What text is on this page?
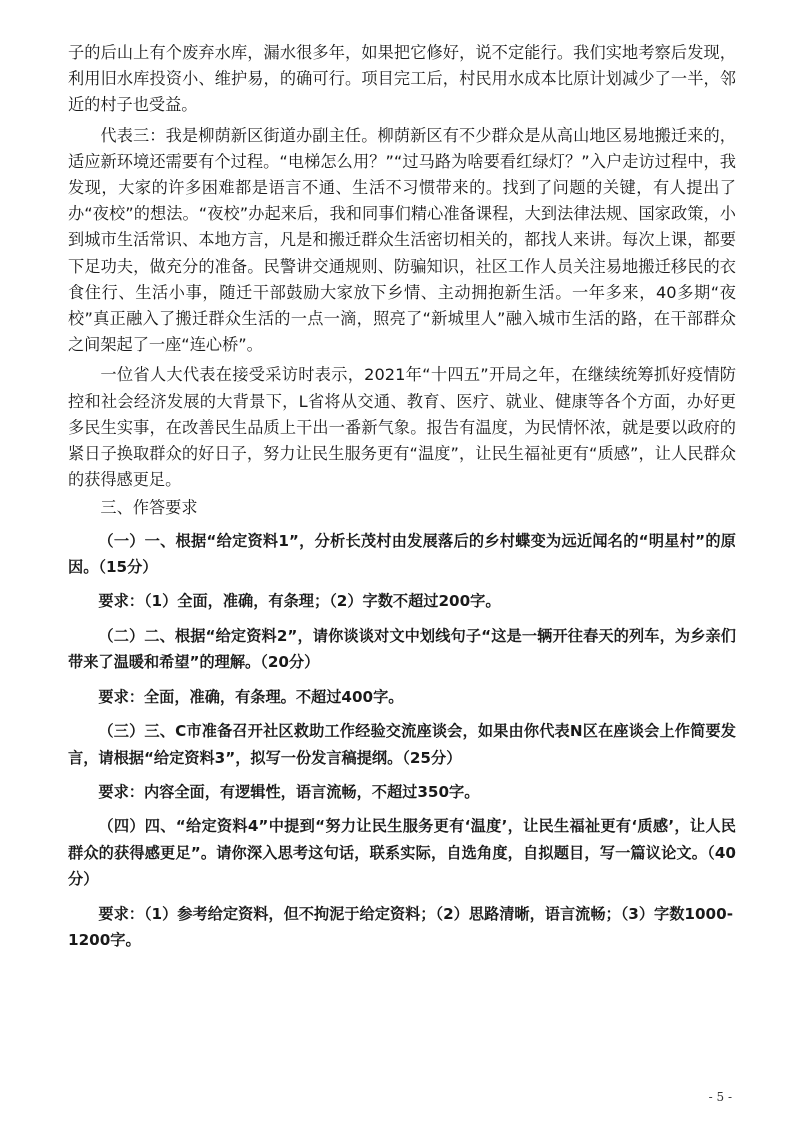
子的后山上有个废弃水库，漏水很多年，如果把它修好，说不定能行。我们实地考察后发现，利用旧水库投资小、维护易，的确可行。项目完工后，村民用水成本比原计划减少了一半，邻近的村子也受益。

代表三：我是柳荫新区街道办副主任。柳荫新区有不少群众是从高山地区易地搬迁来的，适应新环境还需要有个过程。“电梯怎么用？”“过马路为啥要看红绿灯？”入户走访过程中，我发现，大家的许多困难都是语言不通、生活不习惯带来的。找到了问题的关键，有人提出了办“夜校”的想法。“夜校”办起来后，我和同事们精心准备课程，大到法律法规、国家政策，小到城市生活常识、本地方言，凡是和搬迁群众生活密切相关的，都找人来讲。每次上课，都要下足功夫，做充分的准备。民警讲交通规则、防骗知识，社区工作人员关注易地搬迁移民的衣食住行、生活小事，随迁干部鼓励大家放下乡情、主动拥抱新生活。一年多来，40多期“夜校”真正融入了搬迁群众生活的一点一滴，照亮了“新城里人”融入城市生活的路，在干部群众之间架起了一座“连心桥”。

一位省人大代表在接受采访时表示，2021年“十四五”开局之年，在继续统筹抓好疫情防控和社会经济发展的大背景下，L省将从交通、教育、医疗、就业、健康等各个方面，办好更多民生实事，在改善民生品质上干出一番新气象。报告有温度，为民情怀浓，就是要以政府的紧日子换取群众的好日子，努力让民生服务更有“温度”，让民生福祉更有“质感”，让人民群众的获得感更足。

三、作答要求

（一）一、根据“给定资料1”，分析长茂村由发展落后的乡村蝶变为远近闻名的“明星村”的原因。（15分）

要求：（1）全面，准确，有条理；（2）字数不超过200字。

（二）二、根据“给定资料2”，请你谈谈对文中划线句子“这是一辆开往春天的列车，为乡亲们带来了温暖和希望”的理解。（20分）

要求：全面，准确，有条理。不超过400字。

（三）三、C市准备召开社区救助工作经验交流座谈会，如果由你代表N区在座谈会上作简要发言，请根据“给定资料3”，拟写一份发言稿提纲。（25分）

要求：内容全面，有逻辑性，语言流畅，不超过350字。

（四）四、“给定资料4”中提到“努力让民生服务更有‘温度’，让民生福祉更有‘质感’，让人民群众的获得感更足”。请你深入思考这句话，联系实际，自选角度，自拟题目，写一篇议论文。（40分）

要求：（1）参考给定资料，但不拘泥于给定资料；（2）思路清晰，语言流畅；（3）字数1000-1200字。

- 5 -
